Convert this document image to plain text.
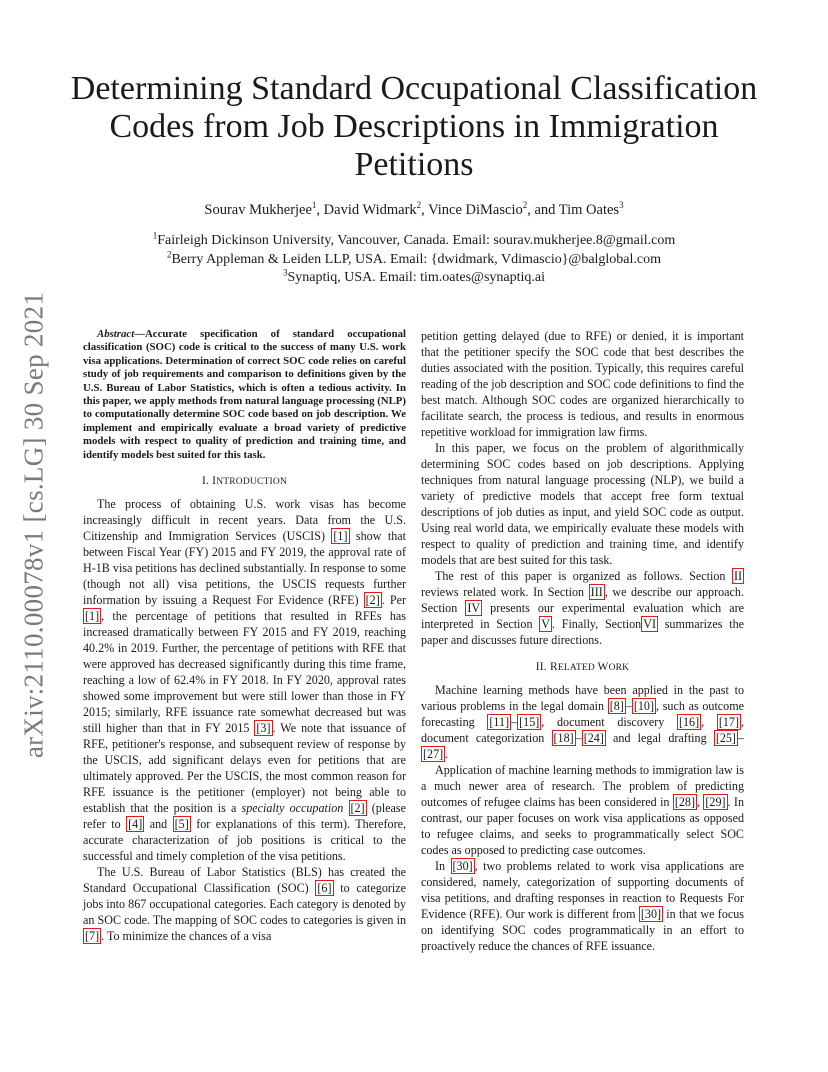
arXiv:2110.00078v1 [cs.LG] 30 Sep 2021
Determining Standard Occupational Classification
Codes from Job Descriptions in Immigration
Petitions
Sourav Mukherjee$^1$, David Widmark$^2$, Vince DiMascio$^2$, and Tim Oates$^3$
$^1$Fairleigh Dickinson University, Vancouver, Canada. Email: sourav.mukherjee.8@gmail.com
$^2$Berry Appleman & Leiden LLP, USA. Email: {dwidmark, Vdimascio}@balglobal.com
$^3$Synaptiq, USA. Email: tim.oates@synaptiq.ai

Abstract—Accurate specification of standard occupational classification (SOC) code is critical to the success of many U.S. work visa applications. Determination of correct SOC code relies on careful study of job requirements and comparison to definitions given by the U.S. Bureau of Labor Statistics, which is often a tedious activity. In this paper, we apply methods from natural language processing (NLP) to computationally determine SOC code based on job description. We implement and empirically evaluate a broad variety of predictive models with respect to quality of prediction and training time, and identify models best suited for this task.

I. INTRODUCTION

The process of obtaining U.S. work visas has become increasingly difficult in recent years. Data from the U.S. Citizenship and Immigration Services (USCIS) [1] show that between Fiscal Year (FY) 2015 and FY 2019, the approval rate of H-1B visa petitions has declined substantially. In response to some (though not all) visa petitions, the USCIS requests further information by issuing a Request For Evidence (RFE) [2] . Per [1] , the percentage of petitions that resulted in RFEs has increased dramatically between FY 2015 and FY 2019, reaching 40.2% in 2019. Further, the percentage of petitions with RFE that were approved has decreased significantly during this time frame, reaching a low of 62.4% in FY 2018. In FY 2020, approval rates showed some improvement but were still lower than those in FY 2015; similarly, RFE issuance rate somewhat decreased but was still higher than that in FY 2015 [3] . We note that issuance of RFE, petitioner's response, and subsequent review of response by the USCIS, add significant delays even for petitions that are ultimately approved. Per the USCIS, the most common reason for RFE issuance is the petitioner (employer) not being able to establish that the position is a specialty occupation [2] (please refer to [4] and [5] for explanations of this term). Therefore, accurate characterization of job positions is critical to the successful and timely completion of the visa petitions.

The U.S. Bureau of Labor Statistics (BLS) has created the Standard Occupational Classification (SOC) [6] to categorize jobs into 867 occupational categories. Each category is denoted by an SOC code. The mapping of SOC codes to categories is given in [7] . To minimize the chances of a visa

petition getting delayed (due to RFE) or denied, it is important that the petitioner specify the SOC code that best describes the duties associated with the position. Typically, this requires careful reading of the job description and SOC code definitions to find the best match. Although SOC codes are organized hierarchically to facilitate search, the process is tedious, and results in enormous repetitive workload for immigration law firms.

In this paper, we focus on the problem of algorithmically determining SOC codes based on job descriptions. Applying techniques from natural language processing (NLP), we build a variety of predictive models that accept free form textual descriptions of job duties as input, and yield SOC code as output. Using real world data, we empirically evaluate these models with respect to quality of prediction and training time, and identify models that are best suited for this task.

The rest of this paper is organized as follows. Section II reviews related work. In Section III , we describe our approach. Section IV presents our experimental evaluation which are interpreted in Section V . Finally, Section VI summarizes the paper and discusses future directions.

II. RELATED WORK

Machine learning methods have been applied in the past to various problems in the legal domain [8] – [10] , such as outcome forecasting [11] – [15] , document discovery [16] , [17] , document categorization [18] – [24] and legal drafting [25] –[27] .

Application of machine learning methods to immigration law is a much newer area of research. The problem of predicting outcomes of refugee claims has been considered in [28] , [29] . In contrast, our paper focuses on work visa applications as opposed to refugee claims, and seeks to programmatically select SOC codes as opposed to predicting case outcomes.

In [30] , two problems related to work visa applications are considered, namely, categorization of supporting documents of visa petitions, and drafting responses in reaction to Requests For Evidence (RFE). Our work is different from [30] in that we focus on identifying SOC codes programmatically in an effort to proactively reduce the chances of RFE issuance.
